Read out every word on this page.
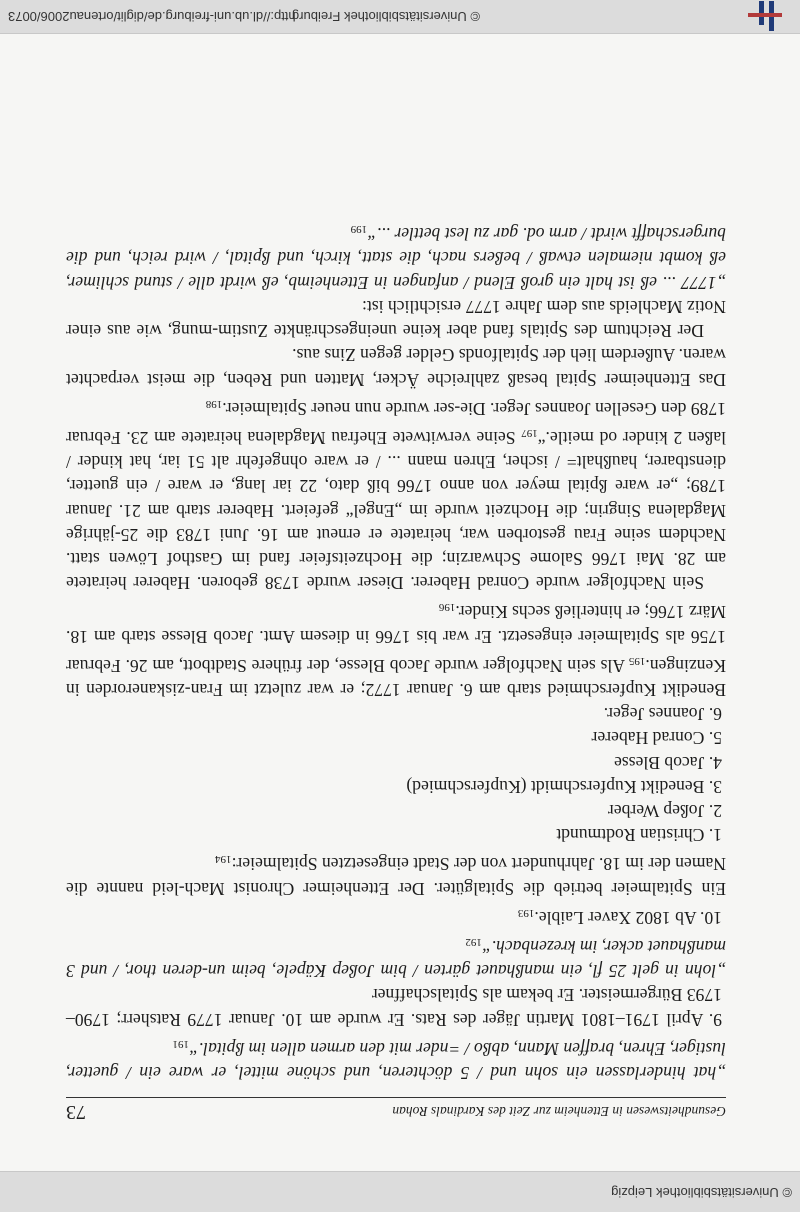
© Universitätsbibliothek Leipzig
Gesundheitswesen in Ettenheim zur Zeit des Kardinals Rohan
73

„hat hinderlassen ein sohn und / 5 döchteren, und schöne mittel, er ware ein / guetter, lustiger, Ehren, braffen Mann, abßo / =nder mit den armen allen im ßpital.“$^{191}$

9. April 1791–1801 Martin Jäger des Rats. Er wurde am 10. Januar 1779 Ratsherr; 1790–1793 Bürgermeister. Er bekam als Spitalschaffner

„lohn in gelt 25 fl, ein manßhauet gärten / bim Joßep Käpele, beim un-deren thor, / und 3 manßhauet acker, im krezenbach.“$^{192}$

10. Ab 1802 Xaver Laible.$^{193}$

Ein Spitalmeier betrieb die Spitalgüter. Der Ettenheimer Chronist Mach-leid nannte die Namen der im 18. Jahrhundert von der Stadt eingesetzten Spitalmeier:$^{194}$

1. Christian Rodtmundt

2. Joßep Werber

3. Benedikt Kupferschmidt (Kupferschmied)

4. Jacob Blesse

5. Conrad Haberer

6. Joannes Jeger.

Benedikt Kupferschmied starb am 6. Januar 1772; er war zuletzt im Fran-ziskanerorden in Kenzingen.$^{195}$ Als sein Nachfolger wurde Jacob Blesse, der frühere Stadtbott, am 26. Februar 1756 als Spitalmeier eingesetzt. Er war bis 1766 in diesem Amt. Jacob Blesse starb am 18. März 1766; er hinterließ sechs Kinder.$^{196}$

Sein Nachfolger wurde Conrad Haberer. Dieser wurde 1738 geboren. Haberer heiratete am 28. Mai 1766 Salome Schwarzin; die Hochzeitsfeier fand im Gasthof Löwen statt. Nachdem seine Frau gestorben war, heiratete er erneut am 16. Juni 1783 die 25-jährige Magdalena Singrin; die Hochzeit wurde im „Engel“ gefeiert. Haberer starb am 21. Januar 1789; „er ware ßpital meyer von anno 1766 biß dato, 22 iar lang, er ware / ein guetter, dienstbarer, haußhalt= / ischer, Ehren mann ... / er ware ohngefehr alt 51 iar, hat kinder / laßen 2 kinder od meitle.“$^{197}$ Seine verwitwete Ehefrau Magdalena heiratete am 23. Februar 1789 den Gesellen Joannes Jeger. Die-ser wurde nun neuer Spitalmeier.$^{198}$

Das Ettenheimer Spital besaß zahlreiche Äcker, Matten und Reben, die meist verpachtet waren. Außerdem lieh der Spitalfonds Gelder gegen Zins aus.

Der Reichtum des Spitals fand aber keine uneingeschränkte Zustim-mung, wie aus einer Notiz Machleids aus dem Jahre 1777 ersichtlich ist:

„1777 ... eß ist halt ein groß Elend / anfangen in Ettenheimb, eß wirdt alle / stund schlimer, eß kombt niemalen etwaß / beßers nach, die statt, kirch, und ßpital, / wird reich, und die burgerschafft wirdt / arm od. gar zu lest bettler ...“$^{199}$

© Universitätsbibliothek Freiburg
http://dl.ub.uni-freiburg.de/diglit/ortenau2006/0073
